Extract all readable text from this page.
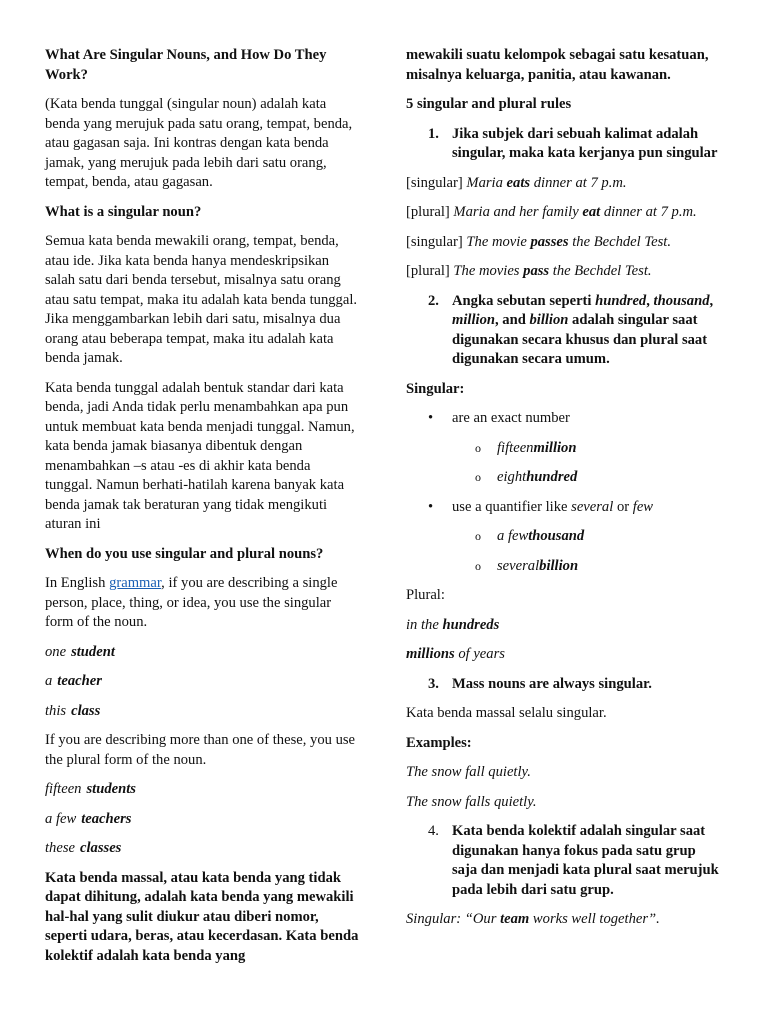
What Are Singular Nouns, and How Do They Work?

(Kata benda tunggal (singular noun) adalah kata benda yang merujuk pada satu orang, tempat, benda, atau gagasan saja. Ini kontras dengan kata benda jamak, yang merujuk pada lebih dari satu orang, tempat, benda, atau gagasan.

What is a singular noun?

Semua kata benda mewakili orang, tempat, benda, atau ide. Jika kata benda hanya mendeskripsikan salah satu dari benda tersebut, misalnya satu orang atau satu tempat, maka itu adalah kata benda tunggal. Jika menggambarkan lebih dari satu, misalnya dua orang atau beberapa tempat, maka itu adalah kata benda jamak.

Kata benda tunggal adalah bentuk standar dari kata benda, jadi Anda tidak perlu menambahkan apa pun untuk membuat kata benda menjadi tunggal. Namun, kata benda jamak biasanya dibentuk dengan menambahkan –s atau -es di akhir kata benda tunggal. Namun berhati-hatilah karena banyak kata benda jamak tak beraturan yang tidak mengikuti aturan ini

When do you use singular and plural nouns?

In English grammar, if you are describing a single person, place, thing, or idea, you use the singular form of the noun.

one student

a teacher

this class

If you are describing more than one of these, you use the plural form of the noun.

fifteen students

a few teachers

these classes

Kata benda massal, atau kata benda yang tidak dapat dihitung, adalah kata benda yang mewakili hal-hal yang sulit diukur atau diberi nomor, seperti udara, beras, atau kecerdasan. Kata benda kolektif adalah kata benda yang

mewakili suatu kelompok sebagai satu kesatuan, misalnya keluarga, panitia, atau kawanan.

5 singular and plural rules

1. Jika subjek dari sebuah kalimat adalah singular, maka kata kerjanya pun singular

[singular] Maria eats dinner at 7 p.m.

[plural] Maria and her family eat dinner at 7 p.m.

[singular] The movie passes the Bechdel Test.

[plural] The movies pass the Bechdel Test.

2. Angka sebutan seperti hundred, thousand, million, and billion adalah singular saat digunakan secara khusus dan plural saat digunakan secara umum.

Singular:

• are an exact number
o fifteenmillion
o eighthundred
• use a quantifier like several or few
o a fewthousand
o severalbillion

Plural:

in the hundreds

millions of years

3. Mass nouns are always singular.

Kata benda massal selalu singular.

Examples:

The snow fall quietly.

The snow falls quietly.

4. Kata benda kolektif adalah singular saat digunakan hanya fokus pada satu grup saja dan menjadi kata plural saat merujuk pada lebih dari satu grup.

Singular: “Our team works well together”.
